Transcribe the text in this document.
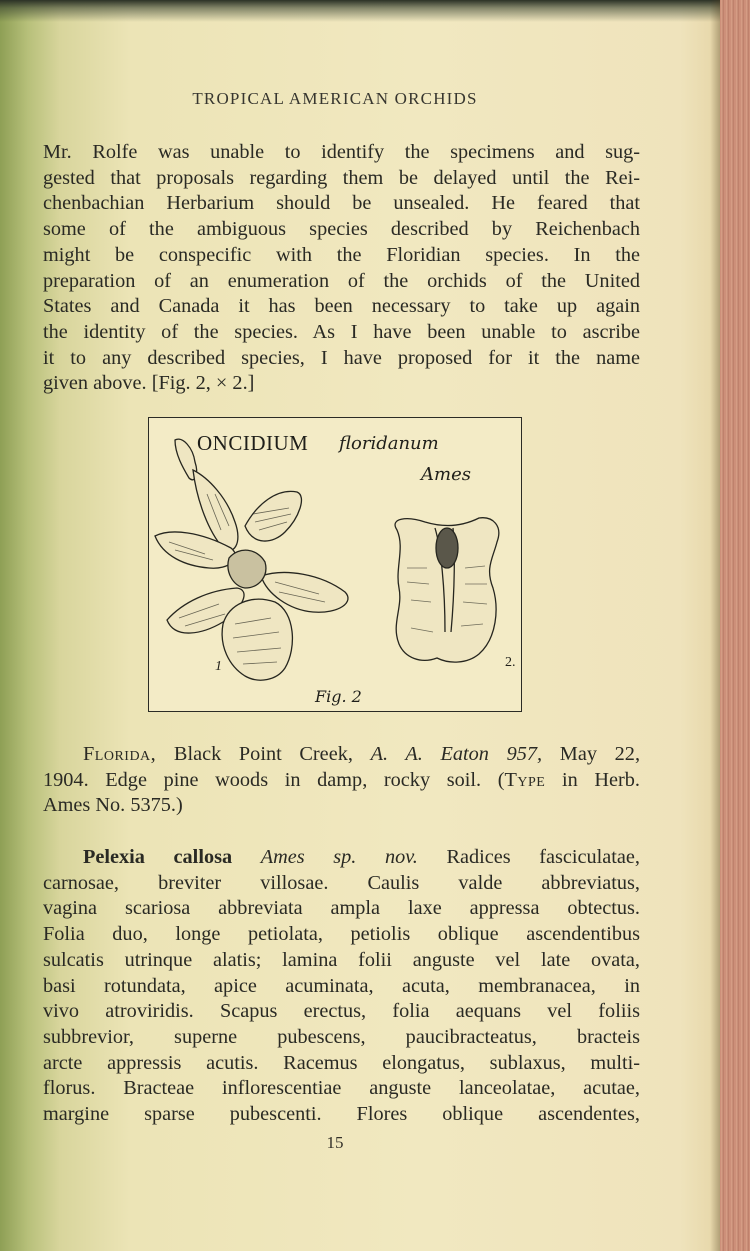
TROPICAL AMERICAN ORCHIDS
Mr. Rolfe was unable to identify the specimens and sug-
gested that proposals regarding them be delayed until the Rei-
chenbachian Herbarium should be unsealed. He feared that
some of the ambiguous species described by Reichenbach
might be conspecific with the Floridian species. In the
preparation of an enumeration of the orchids of the United
States and Canada it has been necessary to take up again
the identity of the species. As I have been unable to ascribe
it to any described species, I have proposed for it the name
given above. [Fig. 2, × 2.]
ONCIDIUM floridanum
Ames
1	2.
Fig. 2
Florida, Black Point Creek, A. A. Eaton 957, May 22,
1904. Edge pine woods in damp, rocky soil. (Type in Herb.
Ames No. 5375.)
Pelexia callosa Ames sp. nov. Radices fasciculatae,
carnosae, breviter villosae. Caulis valde abbreviatus,
vagina scariosa abbreviata ampla laxe appressa obtectus.
Folia duo, longe petiolata, petiolis oblique ascendentibus
sulcatis utrinque alatis; lamina folii anguste vel late ovata,
basi rotundata, apice acuminata, acuta, membranacea, in
vivo atroviridis. Scapus erectus, folia aequans vel foliis
subbrevior, superne pubescens, paucibracteatus, bracteis
arcte appressis acutis. Racemus elongatus, sublaxus, multi-
florus. Bracteae inflorescentiae anguste lanceolatae, acutae,
margine sparse pubescenti. Flores oblique ascendentes,
15
